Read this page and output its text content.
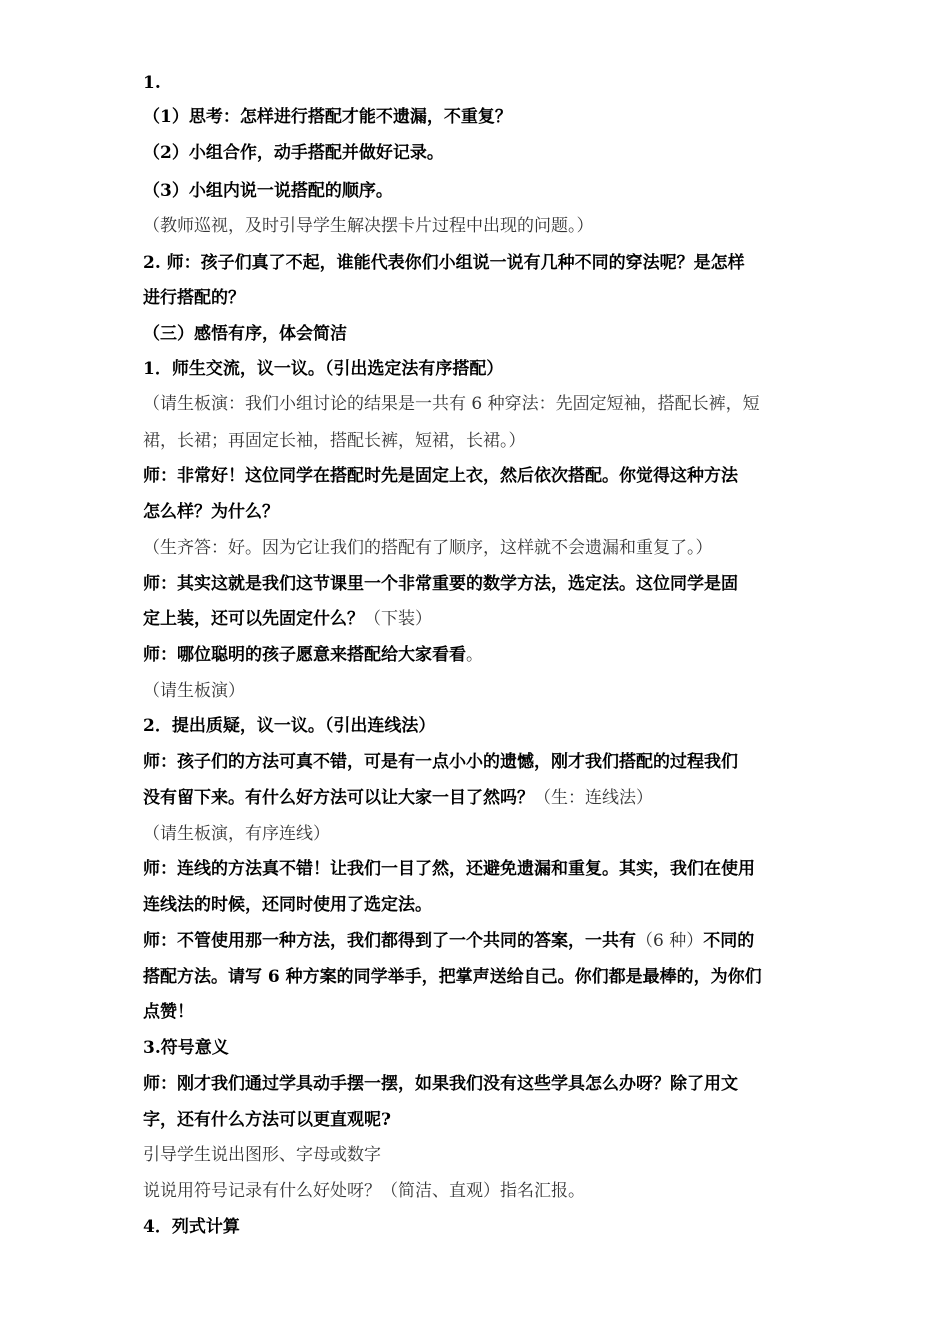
1.
（1）思考：怎样进行搭配才能不遗漏，不重复？
（2）小组合作，动手搭配并做好记录。
（3）小组内说一说搭配的顺序。
（教师巡视，及时引导学生解决摆卡片过程中出现的问题。）
2. 师：孩子们真了不起，谁能代表你们小组说一说有几种不同的穿法呢？是怎样
进行搭配的？
（三）感悟有序，体会简洁
1．师生交流，议一议。（引出选定法有序搭配）
（请生板演：我们小组讨论的结果是一共有 6 种穿法：先固定短袖，搭配长裤，短
裙，长裙；再固定长袖，搭配长裤，短裙，长裙。）
师：非常好！这位同学在搭配时先是固定上衣，然后依次搭配。你觉得这种方法
怎么样？为什么？
（生齐答：好。因为它让我们的搭配有了顺序，这样就不会遗漏和重复了。）
师：其实这就是我们这节课里一个非常重要的数学方法，选定法。这位同学是固
定上装，还可以先固定什么？（下装）
师：哪位聪明的孩子愿意来搭配给大家看看。
（请生板演）
2．提出质疑，议一议。（引出连线法）
师：孩子们的方法可真不错，可是有一点小小的遗憾，刚才我们搭配的过程我们
没有留下来。有什么好方法可以让大家一目了然吗？（生：连线法）
（请生板演，有序连线）
师：连线的方法真不错！让我们一目了然，还避免遗漏和重复。其实，我们在使用
连线法的时候，还同时使用了选定法。
师：不管使用那一种方法，我们都得到了一个共同的答案，一共有（6 种）不同的
搭配方法。请写 6 种方案的同学举手，把掌声送给自己。你们都是最棒的，为你们
点赞！
3.符号意义
师：刚才我们通过学具动手摆一摆，如果我们没有这些学具怎么办呀？除了用文
字，还有什么方法可以更直观呢?
引导学生说出图形、字母或数字
说说用符号记录有什么好处呀？（简洁、直观）指名汇报。
4．列式计算
